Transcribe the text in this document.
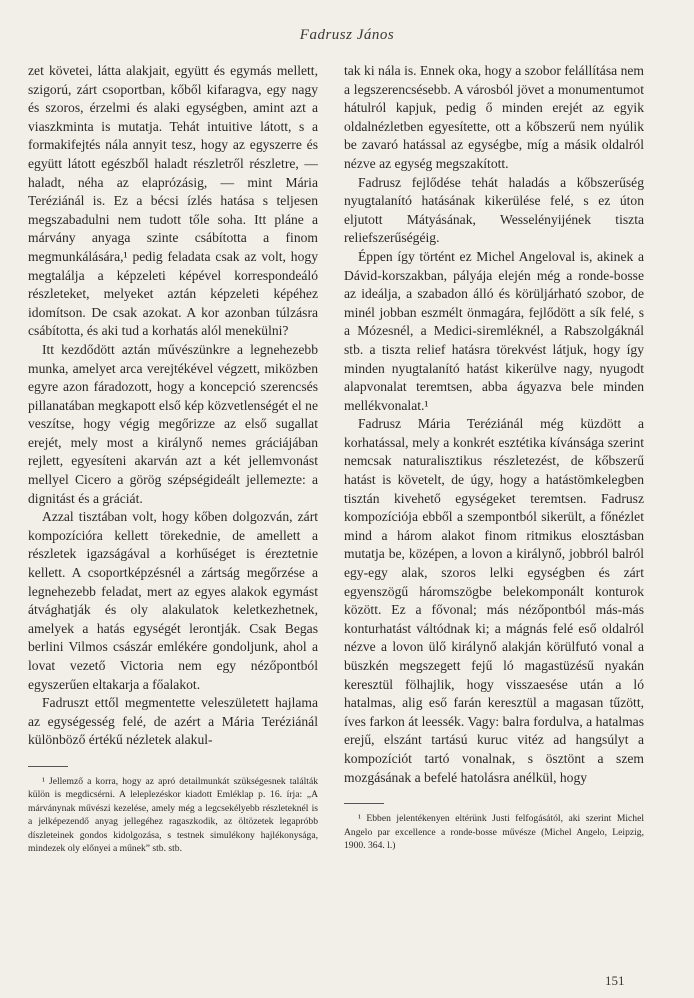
Fadrusz János

zet követei, látta alakjait, együtt és egymás mellett, szigorú, zárt csoportban, kőből kifaragva, egy nagy és szoros, érzelmi és alaki egységben, amint azt a viaszkminta is mutatja. Tehát intuitive látott, s a formakifejtés nála annyit tesz, hogy az egyszerre és együtt látott egészből haladt részletről részletre, — haladt, néha az elaprózásig, — mint Mária Teréziánál is. Ez a bécsi ízlés hatása s teljesen megszabadulni nem tudott tőle soha. Itt pláne a márvány anyaga szinte csábította a finom megmunkálására,¹ pedig feladata csak az volt, hogy megtalálja a képzeleti képével korrespondeáló részleteket, melyeket aztán képzeleti képéhez idomítson. De csak azokat. A kor azonban túlzásra csábította, és aki tud a korhatás alól menekülni?

Itt kezdődött aztán művészünkre a legnehezebb munka, amelyet arca verejtékével végzett, miközben egyre azon fáradozott, hogy a koncepció szerencsés pillanatában megkapott első kép közvetlenségét el ne veszítse, hogy végig megőrizze az első sugallat erejét, mely most a királynő nemes gráciájában rejlett, egyesíteni akarván azt a két jellemvonást mellyel Cicero a görög szépségideált jellemezte: a dignitást és a gráciát.

Azzal tisztában volt, hogy kőben dolgozván, zárt kompozícióra kellett törekednie, de amellett a részletek igazságával a korhűséget is éreztetnie kellett. A csoportképzésnél a zártság megőrzése a legnehezebb feladat, mert az egyes alakok egymást átvághatják és oly alakulatok keletkezhetnek, amelyek a hatás egységét lerontják. Csak Begas berlini Vilmos császár emlékére gondoljunk, ahol a lovat vezető Victoria nem egy nézőpontból egyszerűen eltakarja a főalakot.

Fadruszt ettől megmentette veleszületett hajlama az egységesség felé, de azért a Mária Teréziánál különböző értékű nézletek alakul-

¹ Jellemző a korra, hogy az apró detailmunkát szükségesnek találták külön is megdicsérni. A leleplezéskor kiadott Emléklap p. 16. írja: „A márványnak művészi kezelése, amely még a legcsekélyebb részleteknél is a jelképezendő anyag jellegéhez ragaszkodik, az öltözetek legapróbb díszleteinek gondos kidolgozása, s testnek simulékony hajlékonysága, mindezek oly előnyei a műnek” stb. stb.

tak ki nála is. Ennek oka, hogy a szobor felállítása nem a legszerencsésebb. A városból jövet a monumentumot hátulról kapjuk, pedig ő minden erejét az egyik oldalnézletben egyesítette, ott a kőbszerű nem nyúlik be zavaró hatással az egységbe, míg a másik oldalról nézve az egység megszakított.

Fadrusz fejlődése tehát haladás a kőbszerűség nyugtalanító hatásának kikerülése felé, s ez úton eljutott Mátyásának, Wesselényijének tiszta reliefszerűségéig.

Éppen így történt ez Michel Angeloval is, akinek a Dávid-korszakban, pályája elején még a ronde-bosse az ideálja, a szabadon álló és körüljárható szobor, de minél jobban eszmélt önmagára, fejlődött a sík felé, s a Mózesnél, a Medici-siremléknél, a Rabszolgáknál stb. a tiszta relief hatásra törekvést látjuk, hogy így minden nyugtalanító hatást kikerülve nagy, nyugodt alapvonalat teremtsen, abba ágyazva bele minden mellékvonalat.¹

Fadrusz Mária Teréziánál még küzdött a korhatással, mely a konkrét esztétika kívánsága szerint nemcsak naturalisztikus részletezést, de kőbszerű hatást is követelt, de úgy, hogy a hatástömkelegben tisztán kivehető egységeket teremtsen. Fadrusz kompozíciója ebből a szempontból sikerült, a főnézlet mind a három alakot finom ritmikus elosztásban mutatja be, középen, a lovon a királynő, jobbról balról egy-egy alak, szoros lelki egységben és zárt egyenszögű háromszögbe belekomponált konturok között. Ez a fővonal; más nézőpontból más-más konturhatást váltódnak ki; a mágnás felé eső oldalról nézve a lovon ülő királynő alakján körülfutó vonal a büszkén megszegett fejű ló magastüzésű nyakán keresztül fölhajlik, hogy visszaesése után a ló hatalmas, alig eső farán keresztül a magasan tűzött, íves farkon át leessék. Vagy: balra fordulva, a hatalmas erejű, elszánt tartású kuruc vitéz ad hangsúlyt a kompozíciót tartó vonalnak, s ösztönt a szem mozgásának a befelé hatolásra anélkül, hogy

¹ Ebben jelentékenyen eltérünk Justi felfogásától, aki szerint Michel Angelo par excellence a ronde-bosse művésze (Michel Angelo, Leipzig, 1900. 364. l.)

151
